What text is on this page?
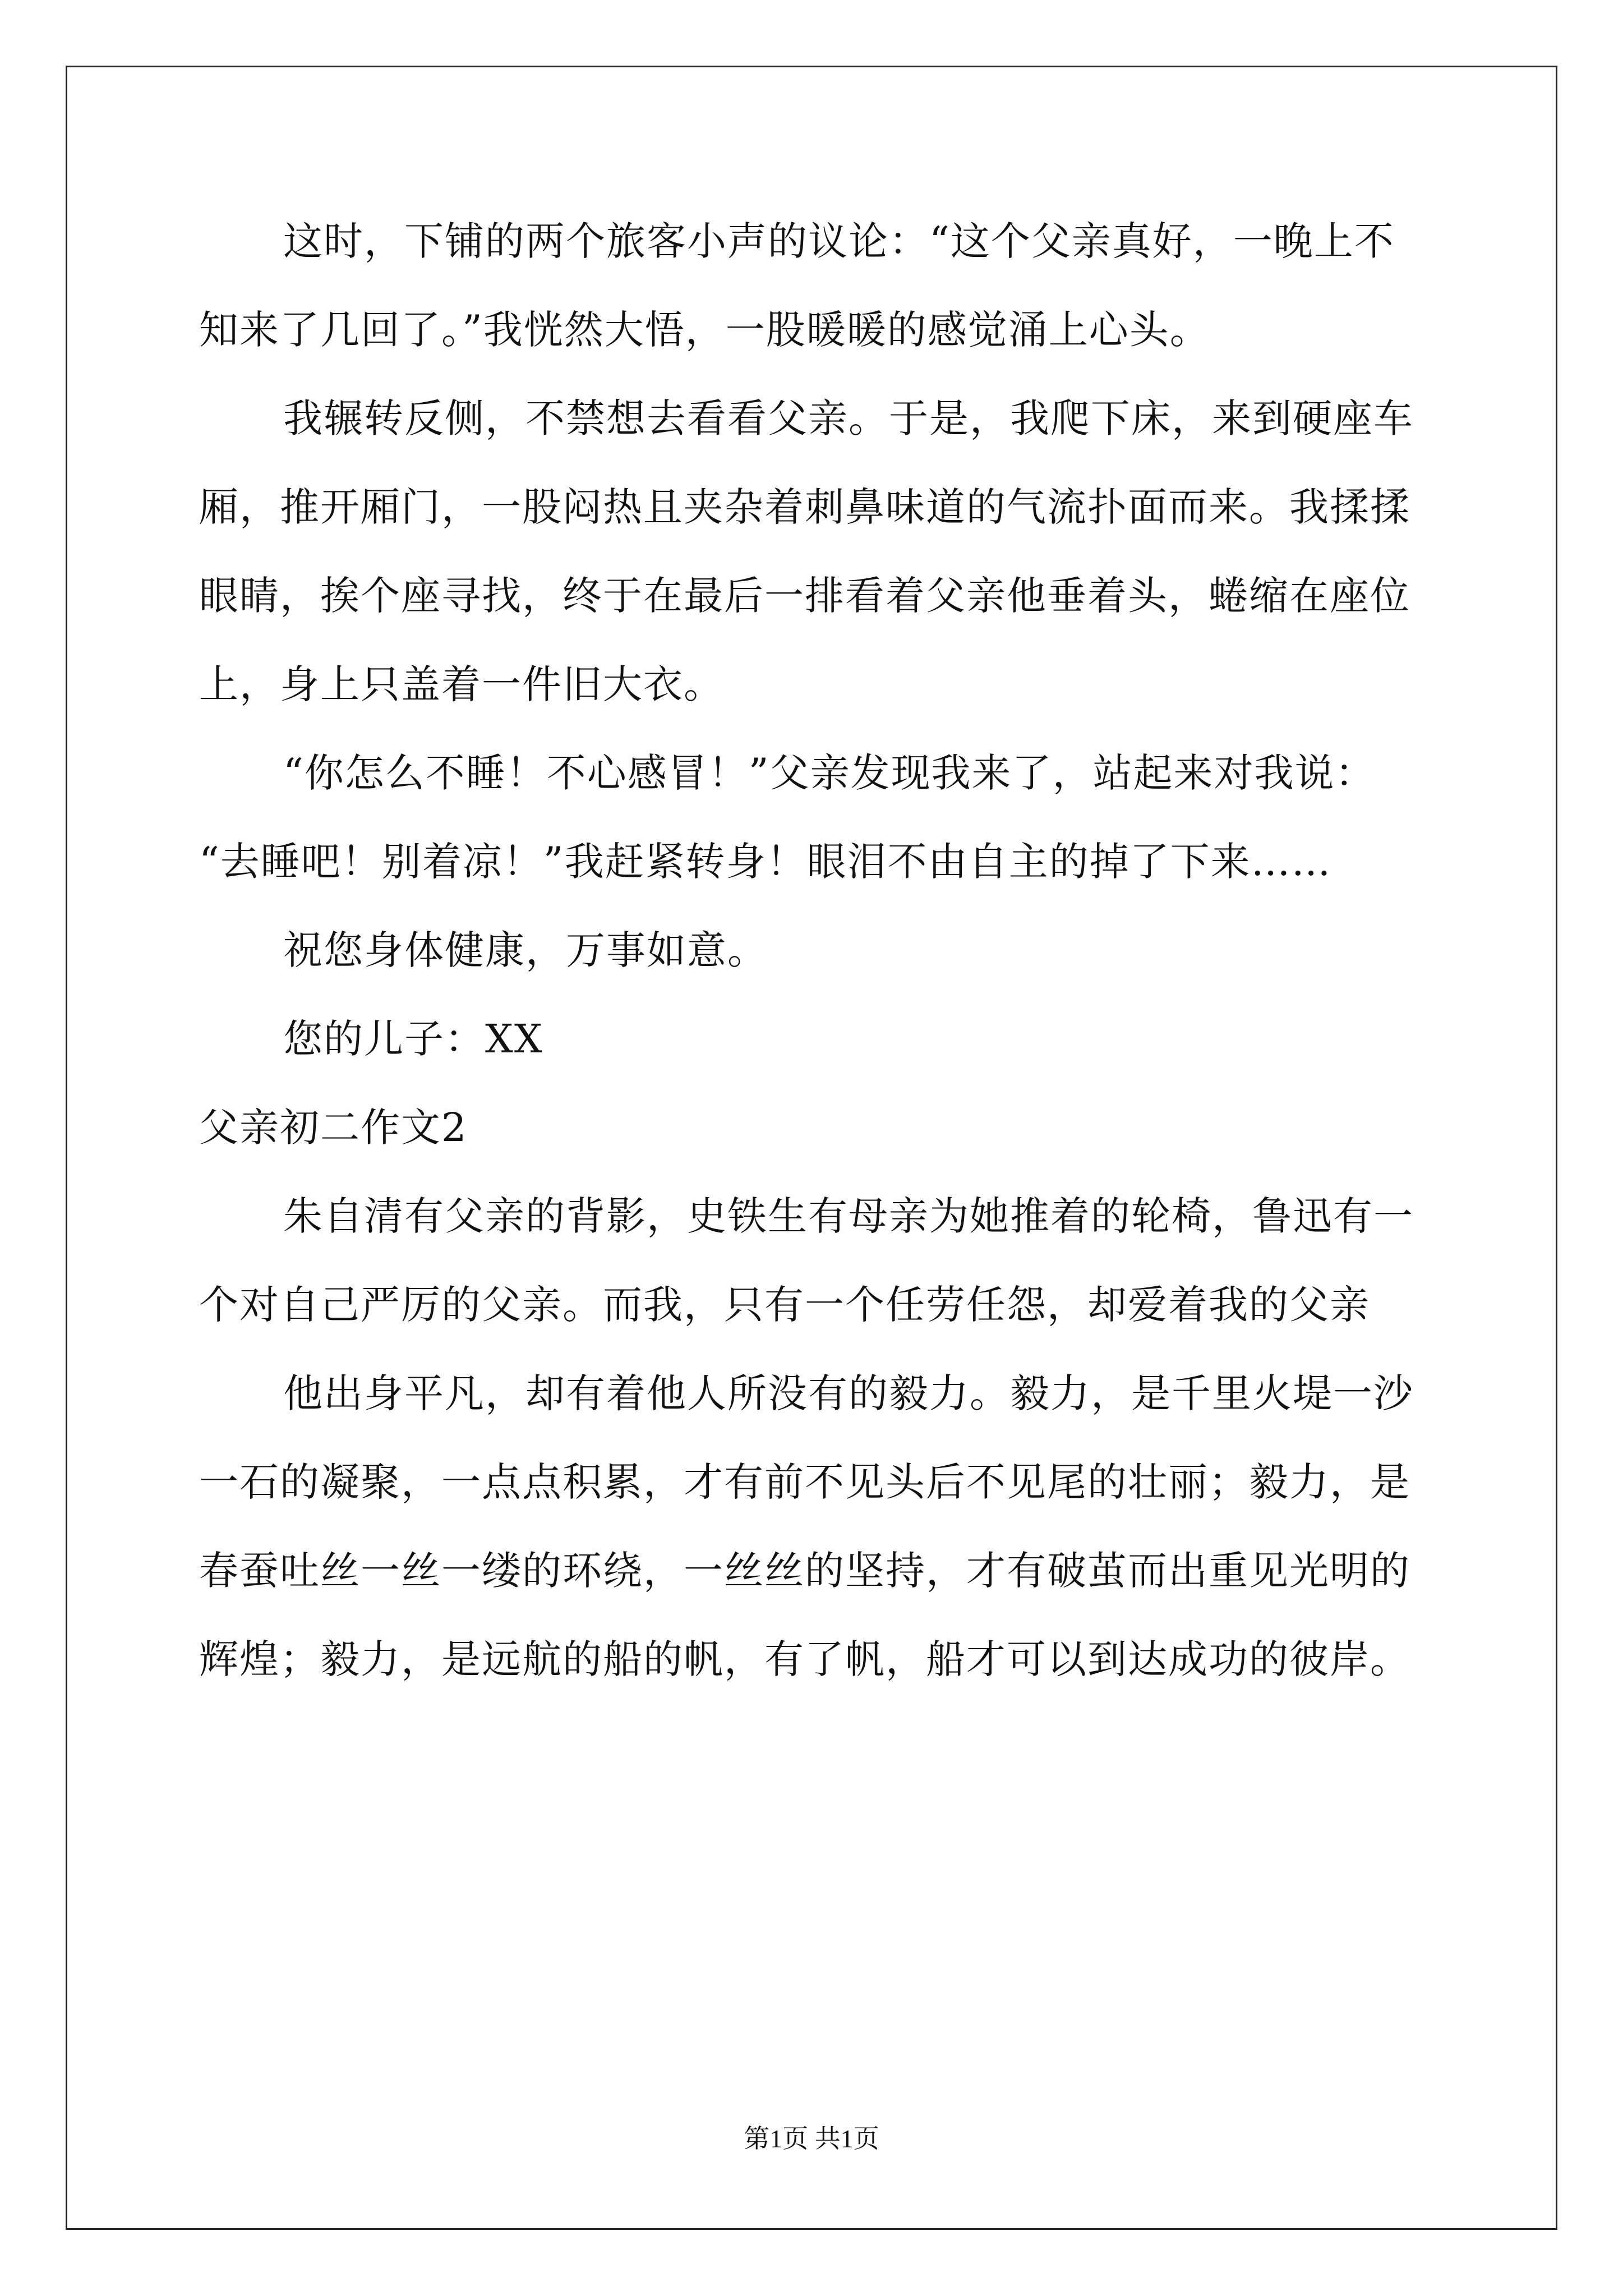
这时，下铺的两个旅客小声的议论：“这个父亲真好，一晚上不
知来了几回了。”我恍然大悟，一股暖暖的感觉涌上心头。
我辗转反侧，不禁想去看看父亲。于是，我爬下床，来到硬座车
厢，推开厢门，一股闷热且夹杂着刺鼻味道的气流扑面而来。我揉揉
眼睛，挨个座寻找，终于在最后一排看着父亲他垂着头，蜷缩在座位
上，身上只盖着一件旧大衣。
“你怎么不睡！不心感冒！”父亲发现我来了，站起来对我说：
“去睡吧！别着凉！”我赶紧转身！眼泪不由自主的掉了下来……
祝您身体健康，万事如意。
您的儿子：XX
父亲初二作文2
朱自清有父亲的背影，史铁生有母亲为她推着的轮椅，鲁迅有一
个对自己严厉的父亲。而我，只有一个任劳任怨，却爱着我的父亲
他出身平凡，却有着他人所没有的毅力。毅力，是千里火堤一沙
一石的凝聚，一点点积累，才有前不见头后不见尾的壮丽；毅力，是
春蚕吐丝一丝一缕的环绕，一丝丝的坚持，才有破茧而出重见光明的
辉煌；毅力，是远航的船的帆，有了帆，船才可以到达成功的彼岸。
第1页 共1页
